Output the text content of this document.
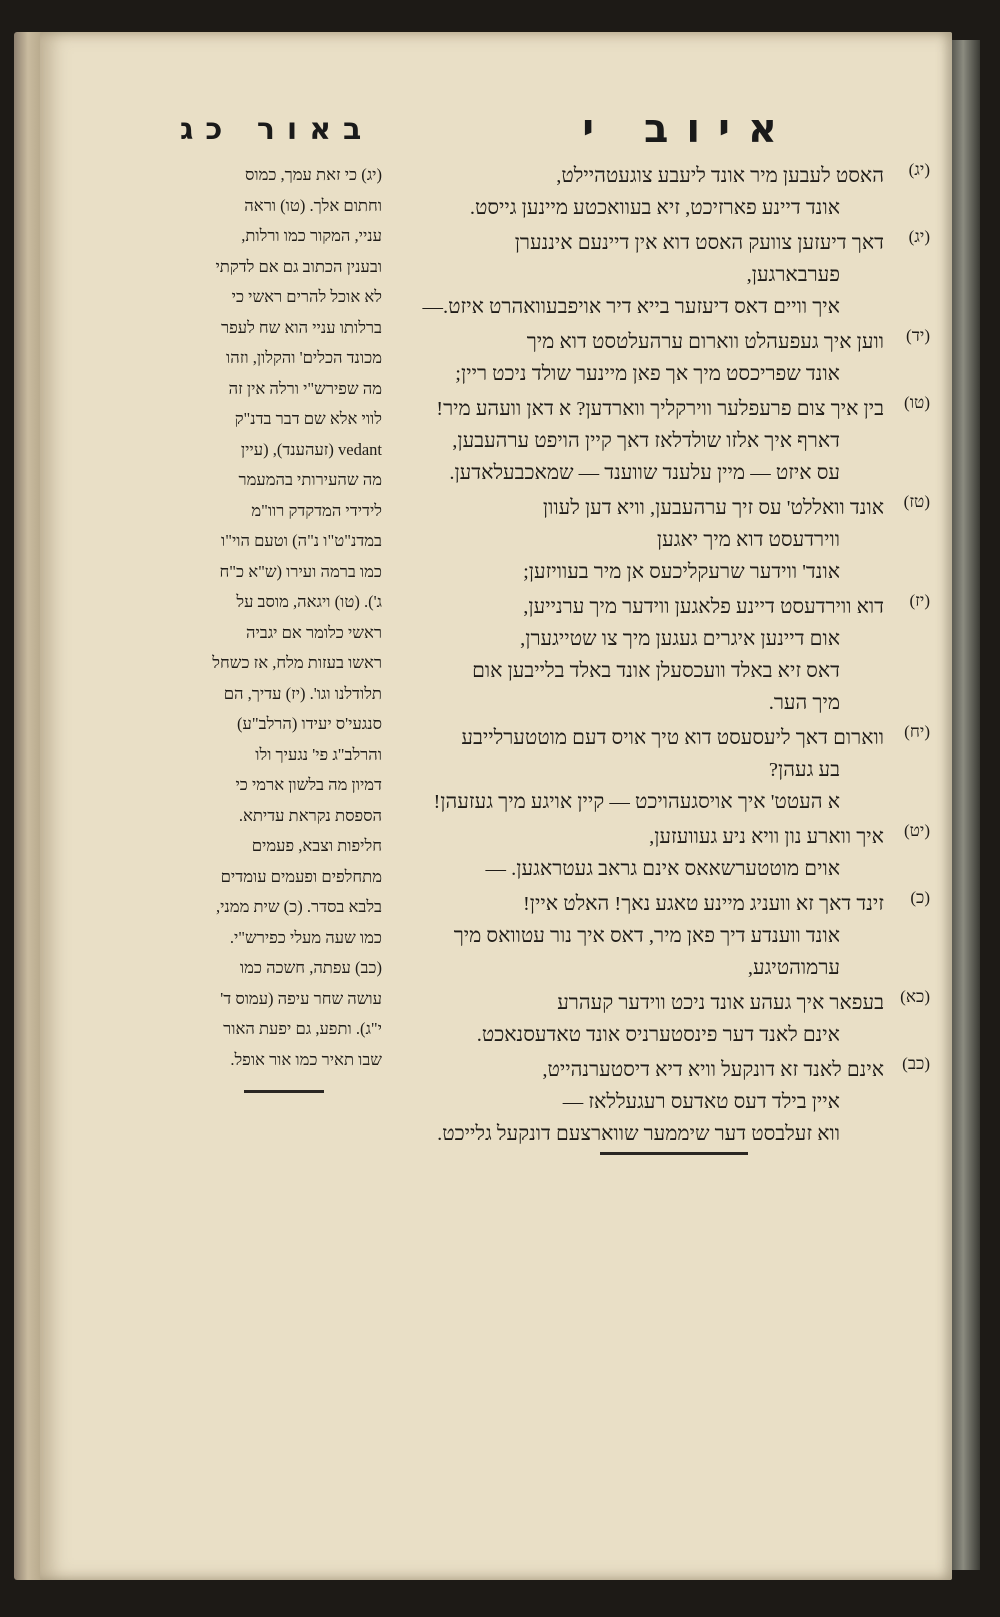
איוב י
באור כג
(יג)
האסט לעבען מיר אונד ליעבע צוגעטהיילט,
אונד דיינע פארזיכט, זיא בעוואכטע מיינען גייסט.
(יג)
דאך דיעזען צוועק האסט דוא אין דיינעם איננערן
פערבארגען,
איך וויים דאס דיעזער בייא דיר אויפבעוואהרט איזט.—
(יד)
ווען איך געפעהלט ווארום ערהעלטסט דוא מיך
אונד שפריכסט מיך אך פאן מיינער שולד ניכט ריין;
(טו)
בין איך צום פרעפלער ווירקליך ווארדען? א דאן וועהע מיר!
דארף איך אלזו שולדלאז דאך קיין הויפט ערהעבען,
עס איזט — מיין עלענד שווענד — שמאכבעלאדען.
(טז)
אונד וואללט' עס זיך ערהעבען, וויא דען לעוון
ווירדעסט דוא מיך יאגען
אונד' ווידער שרעקליכעס אן מיר בעוויזען;
(יז)
דוא ווירדעסט דיינע פלאגען ווידער מיך ערנייען,
אום דיינען איגרים געגען מיך צו שטייגערן,
דאס זיא באלד וועכסעלן אונד באלד בלייבען אום
מיך הער.
(יח)
ווארום דאך ליעסעסט דוא טיך אויס דעם מוטטערלייבע
בע געהן?
א העטט' איך אויסגעהויכט — קיין אויגע מיך געזעהן!
(יט)
איך ווארע נון וויא ניע געוועזען,
אוים מוטטערשאאס אינם גראב געטראגען. —
(כ)
זינד דאך זא וועניג מיינע טאגע נאך! האלט איין!
אונד ווענדע דיך פאן מיר, דאס איך נור עטוואס מיך
ערמוהטיגע,
(כא)
בעפאר איך געהע אונד ניכט ווידער קעהרע
אינם לאנד דער פינסטערניס אונד טאדעסנאכט.
(כב)
אינם לאנד זא דונקעל וויא דיא דיסטערנהייט,
איין בילד דעס טאדעס רעגעללאז —
ווא זעלבסט דער שיממער שווארצעם דונקעל גלייכט.
(יג) כי זאת עמך, כמוס
וחתום אלך. (טו) וראה
עניי, המקור כמו ורלות,
ובענין הכתוב גם אם לדקתי
לא אוכל להרים ראשי כי
ברלותו עניי הוא שח לעפר
מכונד הכלים' והקלון, וזהו
מה שפירש"י ורלה אין זה
לווי אלא שם דבר בדנ"ק
vedant (זעהענד), (עיין
מה שהעירותי בהמעמר
לידידי המדקדק רוו"מ
במדנ"ט"ו נ"ה) וטעם הוי"ו
כמו ברמה ועירו (ש"א כ"ח
ג'). (טו) ויגאה, מוסב על
ראשי כלומר אם יגביה
ראשו בעזות מלח, אז כשחל
תלודלנו וגו'. (יז) עדיך, הם
סנגעי'ס יעידו (הרלב"ע)
והרלב"ג פי' נגעיך ולו
דמיון מה בלשון ארמי כי
הספסת נקראת עדיתא.
חליפות וצבא, פעמים
מתחלפים ופעמים עומדים
בלבא בסדר. (כ) שית ממני,
כמו שעה מעלי כפירש"י.
(כב) עפתה, חשכה כמו
עושה שחר עיפה (עמוס ד'
י"ג). ותפע, גם יפעת האור
שבו תאיר כמו אור אופל.
